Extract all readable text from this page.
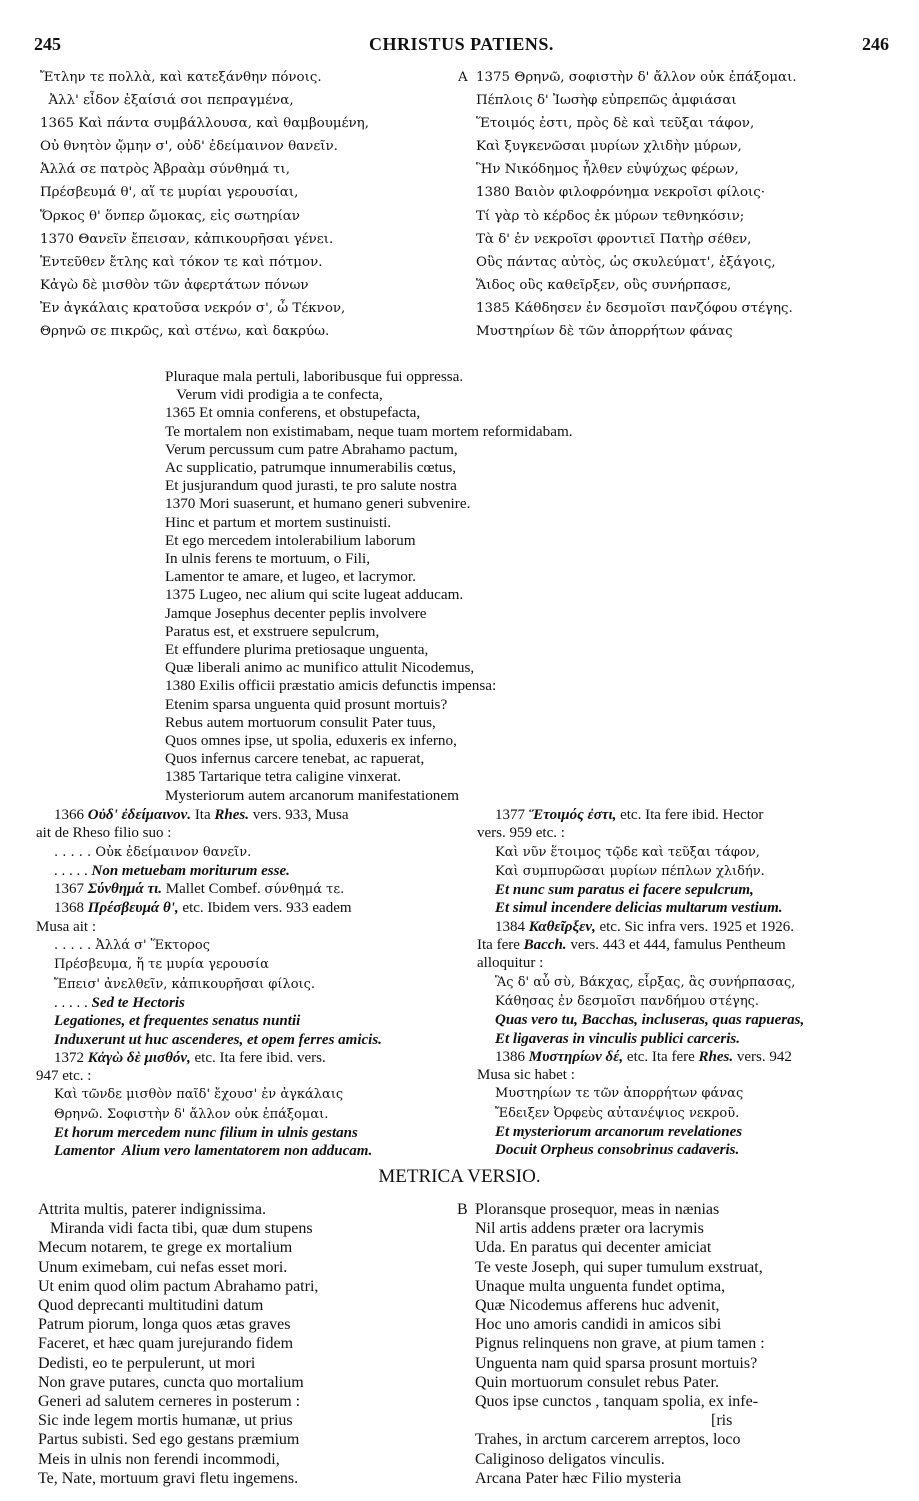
245	CHRISTUS PATIENS.	246
Ἔτλην τε πολλὰ, καὶ κατεξάνθην πόνοις.
Ἀλλ' εἶδον ἐξαίσιά σοι πεπραγμένα,
1365 Καὶ πάντα συμβάλλουσα, καὶ θαμβουμένη,
Οὐ θνητὸν ᾤμην σ', οὐδ' ἐδείμαινον θανεῖν.
Ἀλλά σε πατρὸς Ἀβραὰμ σύνθημά τι,
Πρέσβευμά θ', αἵ τε μυρίαι γερουσίαι,
Ὅρκος θ' ὅνπερ ὤμοκας, εἰς σωτηρίαν
1370 Θανεῖν ἔπεισαν, κἀπικουρῆσαι γένει.
Ἐντεῦθεν ἔτλης καὶ τόκον τε καὶ πότμον.
Κἀγὼ δὲ μισθὸν τῶν ἀφερτάτων πόνων
Ἐν ἀγκάλαις κρατοῦσα νεκρόν σ', ὦ Τέκνον,
Θρηνῶ σε πικρῶς, καὶ στένω, καὶ δακρύω.
A 1375 Θρηνῶ, σοφιστὴν δ' ἄλλον οὐκ ἐπάξομαι.
Πέπλοις δ' Ἰωσὴφ εὐπρεπῶς ἀμφιάσαι
Ἕτοιμός ἐστι, πρὸς δὲ καὶ τεῦξαι τάφον,
Καὶ ξυγκενῶσαι μυρίων χλιδὴν μύρων,
Ἣν Νικόδημος ἦλθεν εὐψύχως φέρων,
1380 Βαιὸν φιλοφρόνημα νεκροῖσι φίλοις·
Τί γὰρ τὸ κέρδος ἐκ μύρων τεθνηκόσιν;
Τὰ δ' ἐν νεκροῖσι φροντιεῖ Πατὴρ σέθεν,
Οὓς πάντας αὐτὸς, ὡς σκυλεύματ', ἐξάγοις,
Ἅιδος οὓς καθεῖρξεν, οὓς συνήρπασε,
1385 Κάθδησεν ἐν δεσμοῖσι πανζόφου στέγης.
Μυστηρίων δὲ τῶν ἀπορρήτων φάνας
Pluraque mala pertuli, laboribusque fui oppressa.
Verum vidi prodigia a te confecta,
1365 Et omnia conferens, et obstupefacta,
Te mortalem non existimabam, neque tuam mortem reformidabam.
Verum percussum cum patre Abrahamo pactum,
Ac supplicatio, patrumque innumerabilis cœtus,
Et jusjurandum quod jurasti, te pro salute nostra
1370 Mori suaserunt, et humano generi subvenire.
Hinc et partum et mortem sustinuisti.
Et ego mercedem intolerabilium laborum
In ulnis ferens te mortuum, o Fili,
Lamentor te amare, et lugeo, et lacrymor.
1375 Lugeo, nec alium qui scite lugeat adducam.
Jamque Josephus decenter peplis involvere
Paratus est, et exstruere sepulcrum,
Et effundere plurima pretiosaque unguenta,
Quæ liberali animo ac munifico attulit Nicodemus,
1380 Exilis officii præstatio amicis defunctis impensa:
Etenim sparsa unguenta quid prosunt mortuis?
Rebus autem mortuorum consulit Pater tuus,
Quos omnes ipse, ut spolia, eduxeris ex inferno,
Quos infernus carcere tenebat, ac rapuerat,
1385 Tartarique tetra caligine vinxerat.
Mysteriorum autem arcanorum manifestationem
1366 Οὐδ' ἐδείμαινον. Ita Rhes. vers. 933, Musa
ait de Rheso filio suo :
. . . . . Οὐκ ἐδείμαινον θανεῖν.
. . . . . Non metuebam moriturum esse.
1367 Σύνθημά τι. Mallet Combef. σύνθημά τε.
1368 Πρέσβευμά θ', etc. Ibidem vers. 933 eadem
Musa ait :
. . . . . Ἀλλά σ' Ἕκτορος
Πρέσβευμα, ἥ τε μυρία γερουσία
Ἔπεισ' ἀνελθεῖν, κἀπικουρῆσαι φίλοις.
. . . . . Sed te Hectoris
Legationes, et frequentes senatus nuntii
Induxerunt ut huc ascenderes, et opem ferres amicis.
1372 Κἀγὼ δὲ μισθόν, etc. Ita fere ibid. vers.
947 etc. :
Καὶ τῶνδε μισθὸν παῖδ' ἔχουσ' ἐν ἀγκάλαις
Θρηνῶ. Σοφιστὴν δ' ἄλλον οὐκ ἐπάξομαι.
Et horum mercedem nunc filium in ulnis gestans
Lamentor  Alium vero lamentatorem non adducam.
1377 Ἕτοιμός ἐστι, etc. Ita fere ibid. Hector
vers. 959 etc. :
Καὶ νῦν ἕτοιμος τῷδε καὶ τεῦξαι τάφον,
Καὶ συμπυρῶσαι μυρίων πέπλων χλιδήν.
Et nunc sum paratus ei facere sepulcrum,
Et simul incendere delicias multarum vestium.
1384 Καθεῖρξεν, etc. Sic infra vers. 1925 et 1926.
Ita fere Bacch. vers. 443 et 444, famulus Pentheum
alloquitur :
Ἃς δ' αὖ σὺ, Βάκχας, εἶρξας, ἃς συνήρπασας,
Κάθησας ἐν δεσμοῖσι πανδήμου στέγης.
Quas vero tu, Bacchas, incluseras, quas rapueras,
Et ligaveras in vinculis publici carceris.
1386 Μυστηρίων δέ, etc. Ita fere Rhes. vers. 942
Musa sic habet :
Μυστηρίων τε τῶν ἀπορρήτων φάνας
Ἔδειξεν Ὀρφεὺς αὐτανέψιος νεκροῦ.
Et mysteriorum arcanorum revelationes
Docuit Orpheus consobrinus cadaveris.
METRICA VERSIO.
Attrita multis, paterer indignissima.
Miranda vidi facta tibi, quæ dum stupens
Mecum notarem, te grege ex mortalium
Unum eximebam, cui nefas esset mori.
Ut enim quod olim pactum Abrahamo patri,
Quod deprecanti multitudini datum
Patrum piorum, longa quos ætas graves
Faceret, et hæc quam jurejurando fidem
Dedisti, eo te perpulerunt, ut mori
Non grave putares, cuncta quo mortalium
Generi ad salutem cerneres in posterum :
Sic inde legem mortis humanæ, ut prius
Partus subisti. Sed ego gestans præmium
Meis in ulnis non ferendi incommodi,
Te, Nate, mortuum gravi fletu ingemens.
B Ploransque prosequor, meas in nænias
Nil artis addens præter ora lacrymis
Uda. En paratus qui decenter amiciat
Te veste Joseph, qui super tumulum exstruat,
Unaque multa unguenta fundet optima,
Quæ Nicodemus afferens huc advenit,
Hoc uno amoris candidi in amicos sibi
Pignus relinquens non grave, at pium tamen :
Unguenta nam quid sparsa prosunt mortuis?
Quin mortuorum consulet rebus Pater.
Quos ipse cunctos , tanquam spolia, ex infe-
[ris
Trahes, in arctum carcerem arreptos, loco
Caliginoso deligatos vinculis.
Arcana Pater hæc Filio mysteria
